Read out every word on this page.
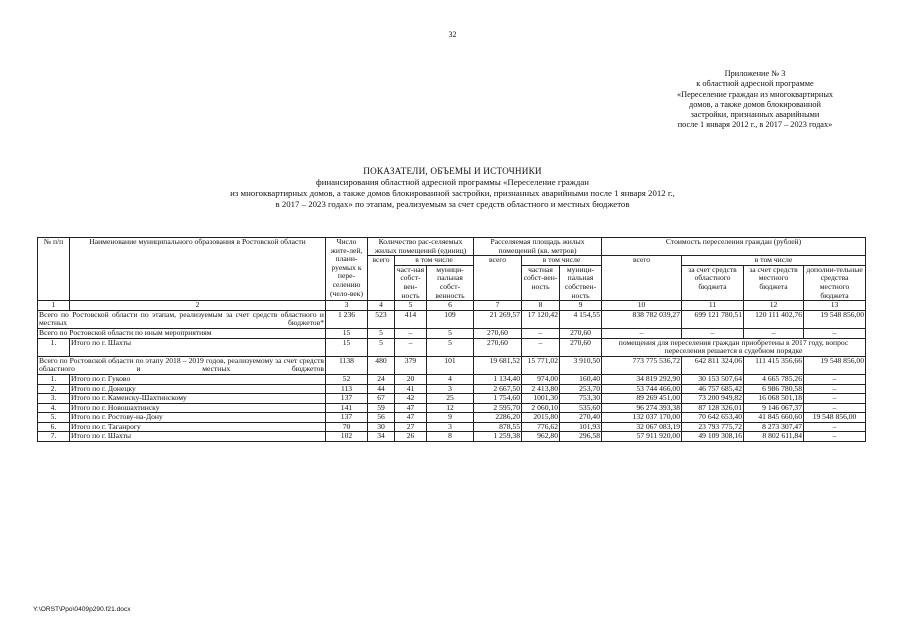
32
Приложение № 3
к областной адресной программе
«Переселение граждан из многоквартирных
домов, а также домов блокированной
застройки, признанных аварийными
после 1 января 2012 г., в 2017 – 2023 годах»
ПОКАЗАТЕЛИ, ОБЪЕМЫ И ИСТОЧНИКИ
финансирования областной адресной программы «Переселение граждан
из многоквартирных домов, а также домов блокированной застройки, признанных аварийными после 1 января 2012 г.,
в 2017 – 2023 годах» по этапам, реализуемым за счет средств областного и местных бюджетов
№ п/п	Наименование муниципального образования в Ростовской области	Число жите-лей, плани-руемых к пере-селению (чело-век)	Количество рас-селяемых жилых помещений (единиц)			Расселяемая площадь жилых помещений (кв. метров)			Стоимость переселения граждан (рублей)			
			всего	в том числе		всего	в том числе		всего	в том числе		
				част-ная собст-вен-ность	муници-пальная собст-венность		частная собст-вен-ность	муници-пальная собствен-ность		за счет средств областного бюджета	за счет средств местного бюджета	дополни-тельные средства местного бюджета
1	2	3	4	5	6	7	8	9	10	11	12	13
Всего по Ростовской области по этапам, реализуемым за счет средств областного и местных бюджетов*		1 236	523	414	109	21 269,57	17 120,42	4 154,55	838 782 039,27	699 121 780,51	120 111 402,76	19 548 856,00
Всего по Ростовской области по иным мероприятиям		15	5	–	5	270,60	–	270,60	–	–	–	–
1.	Итого по г. Шахты	15	5	–	5	270,60	–	270,60	помещения для переселения граждан приобретены в 2017 году, вопрос переселения решается в судебном порядке			
Всего по Ростовской области по этапу 2018 – 2019 годов, реализуемому за счет средств областного и местных бюджетов		1138	480	379	101	19 681,52	15 771,02	3 910,50	773 775 536,72	642 811 324,06	111 415 356,66	19 548 856,00
1.	Итого по г. Гуково	52	24	20	4	1 134,40	974,00	160,40	34 819 292,90	30 153 507,64	4 665 785,26	–
2.	Итого по г. Донецку	113	44	41	3	2 667,50	2 413,80	253,70	53 744 466,00	46 757 685,42	6 986 780,58	–
3.	Итого по г. Каменску-Шахтинскому	137	67	42	25	1 754,60	1001,30	753,30	89 269 451,00	73 200 949,82	16 068 501,18	–
4.	Итого по г. Новошахтинску	141	59	47	12	2 595,70	2 060,10	535,60	96 274 393,38	87 128 326,01	9 146 067,37	–
5.	Итого по г. Ростову-на-Дону	137	56	47	9	2286,20	2015,80	270,40	132 037 170,00	70 642 653,40	41 845 660,60	19 548 856,00
6.	Итого по г. Таганрогу	70	30	27	3	878,55	776,62	101,93	32 067 083,19	23 793 775,72	8 273 307,47	–
7.	Итого по г. Шахты	102	34	26	8	1 259,38	962,80	296,58	57 911 920,00	49 109 308,16	8 802 611,84	–
Y:\ORST\Ppo\0409p290.f21.docx
